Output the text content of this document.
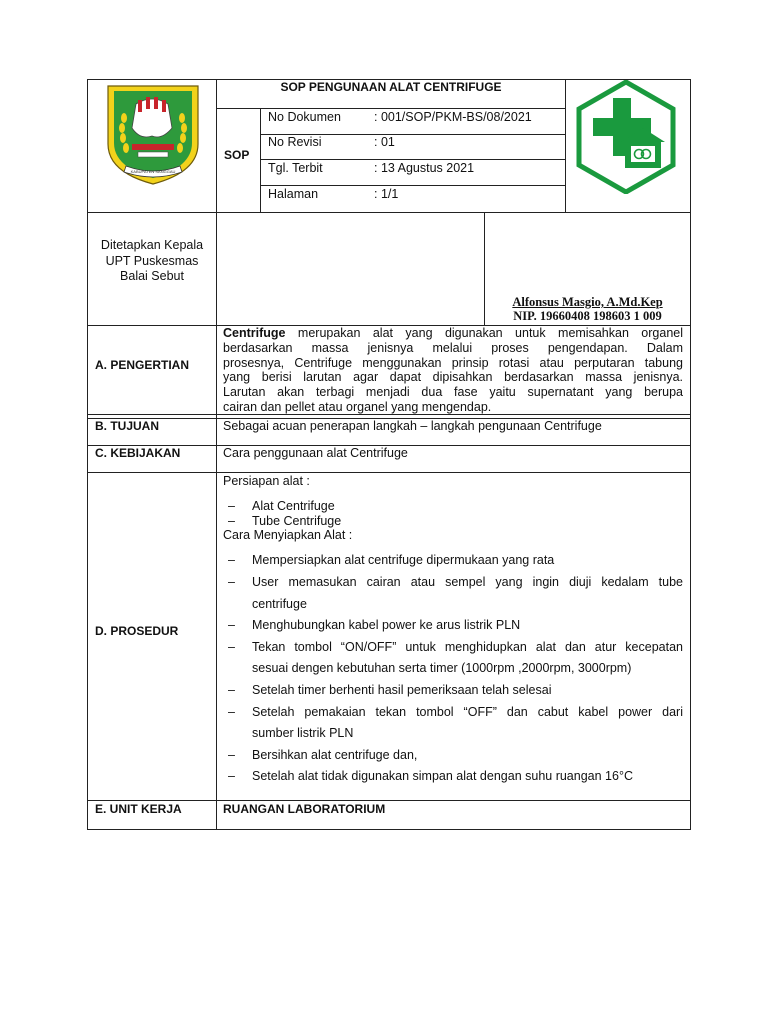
KABUPATEN SANGGAU
SOP PENGUNAAN ALAT CENTRIFUGE
SOP
No Dokumen	: 001/SOP/PKM-BS/08/2021
No Revisi	: 01
Tgl. Terbit	: 13 Agustus 2021
Halaman	: 1/1
Ditetapkan Kepala
UPT Puskesmas
Balai Sebut
Alfonsus Masgio, A.Md.Kep
NIP. 19660408 198603 1 009
A. PENGERTIAN
Centrifuge merupakan alat yang digunakan untuk memisahkan organel
berdasarkan massa jenisnya melalui proses pengendapan. Dalam
prosesnya, Centrifuge menggunakan prinsip rotasi atau perputaran tabung
yang berisi larutan agar dapat dipisahkan berdasarkan massa jenisnya.
Larutan akan terbagi menjadi dua fase yaitu supernatant yang berupa
cairan dan pellet atau organel yang mengendap.
B. TUJUAN	Sebagai acuan penerapan langkah – langkah pengunaan Centrifuge
C. KEBIJAKAN	Cara penggunaan alat Centrifuge
D. PROSEDUR
Persiapan alat :
– Alat Centrifuge
– Tube Centrifuge
Cara Menyiapkan Alat :
– Mempersiapkan alat centrifuge dipermukaan yang rata
– User memasukan cairan atau sempel yang ingin diuji kedalam tube
centrifuge
– Menghubungkan kabel power ke arus listrik PLN
– Tekan tombol “ON/OFF” untuk menghidupkan alat dan atur kecepatan
sesuai dengen kebutuhan serta timer (1000rpm ,2000rpm, 3000rpm)
– Setelah timer berhenti hasil pemeriksaan telah selesai
– Setelah pemakaian tekan tombol “OFF” dan cabut kabel power dari
sumber listrik PLN
– Bersihkan alat centrifuge dan,
– Setelah alat tidak digunakan simpan alat dengan suhu ruangan 16°C
E. UNIT KERJA	RUANGAN LABORATORIUM
